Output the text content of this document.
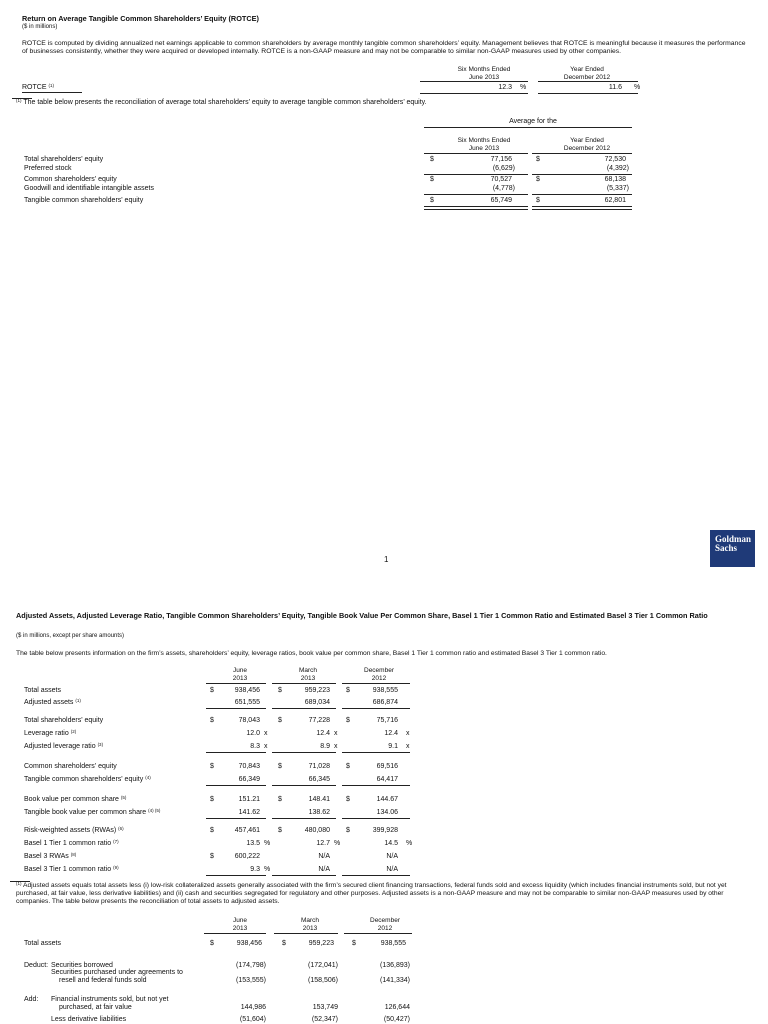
Return on Average Tangible Common Shareholders’ Equity (ROTCE)
($ in millions)
ROTCE is computed by dividing annualized net earnings applicable to common shareholders by average monthly tangible common shareholders’ equity. Management believes that ROTCE is meaningful because it measures the performance of businesses consistently, whether they were acquired or developed internally. ROTCE is a non-GAAP measure and may not be comparable to similar non-GAAP measures used by other companies.
Six Months Ended
June 2013
Year Ended
December 2012
ROTCE $^{(1)}$	12.3 %	11.6 %
$^{(1)}$ The table below presents the reconciliation of average total shareholders’ equity to average tangible common shareholders’ equity.
Average for the
Six Months Ended
June 2013
Year Ended
December 2012
Total shareholders' equity	$	77,156	$	72,530
Preferred stock	(6,629)	(4,392)
Common shareholders' equity	$	70,527	$	68,138
Goodwill and identifiable intangible assets	(4,778)	(5,337)
Tangible common shareholders' equity	$	65,749	$	62,801
1
Goldman
Sachs
Adjusted Assets, Adjusted Leverage Ratio, Tangible Common Shareholders’ Equity, Tangible Book Value Per Common Share, Basel 1 Tier 1 Common Ratio and Estimated Basel 3 Tier 1 Common Ratio
($ in millions, except per share amounts)
The table below presents information on the firm’s assets, shareholders’ equity, leverage ratios, book value per common share, Basel 1 Tier 1 common ratio and estimated Basel 3 Tier 1 common ratio.
June
2013
March
2013
December
2012
Total assets	$	938,456	$	959,223 $	938,555
Adjusted assets $^{(1)}$	651,555	689,034	686,874
Total shareholders' equity	$	78,043	$	77,228 $	75,716
Leverage ratio $^{(2)}$	12.0 x	12.4 x	12.4 x
Adjusted leverage ratio $^{(3)}$	8.3 x	8.9 x	9.1 x
Common shareholders' equity	$	70,843	$	71,028 $	69,516
Tangible common shareholders' equity $^{(4)}$	66,349	66,345	64,417
Book value per common share $^{(5)}$	$	151.21	$	148.41 $	144.67
Tangible book value per common share $^{(4) (5)}$	141.62	138.62	134.06
Risk-weighted assets (RWAs) $^{(6)}$	$	457,461	$	480,080 $	399,928
Basel 1 Tier 1 common ratio $^{(7)}$	13.5 %	12.7 %	14.5 %
Basel 3 RWAs $^{(8)}$	$	600,222	N/A	N/A
Basel 3 Tier 1 common ratio $^{(9)}$	9.3 %	N/A	N/A
$^{(1)}$ Adjusted assets equals total assets less (i) low-risk collateralized assets generally associated with the firm’s secured client financing transactions, federal funds sold and excess liquidity (which includes financial instruments sold, but not yet purchased, at fair value, less derivative liabilities) and (ii) cash and securities segregated for regulatory and other purposes. Adjusted assets is a non-GAAP measure and may not be comparable to similar non-GAAP measures used by other companies. The table below presents the reconciliation of total assets to adjusted assets.
June
2013
March
2013
December
2012
Total assets	$	938,456	$	959,223	$	938,555
Deduct: Securities borrowed	(174,798)	(172,041)	(136,893)
Securities purchased under agreements to
resell and federal funds sold	(153,555)	(158,506)	(141,334)
Add: Financial instruments sold, but not yet
purchased, at fair value	144,986	153,749	126,644
Less derivative liabilities	(51,604)	(52,347)	(50,427)
